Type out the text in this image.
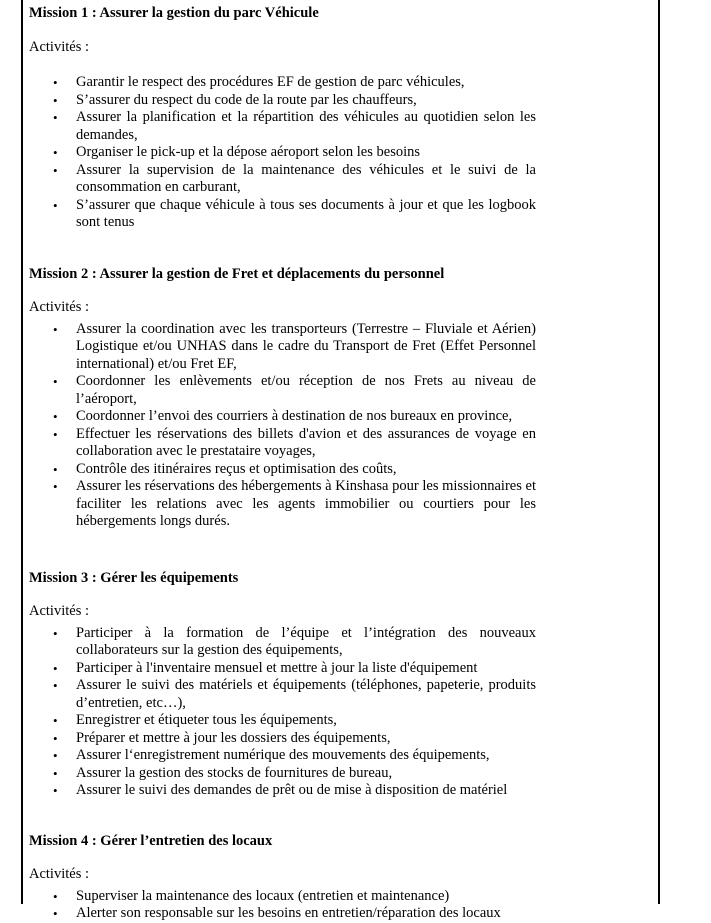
Mission 1 : Assurer la gestion du parc Véhicule

Activités :

• Garantir le respect des procédures EF de gestion de parc véhicules,
• S’assurer du respect du code de la route par les chauffeurs,
• Assurer la planification et la répartition des véhicules au quotidien selon les demandes,
• Organiser le pick-up et la dépose aéroport selon les besoins
• Assurer la supervision de la maintenance des véhicules et le suivi de la consommation en carburant,
• S’assurer que chaque véhicule à tous ses documents à jour et que les logbook sont tenus

Mission 2 : Assurer la gestion de Fret et déplacements du personnel

Activités :

• Assurer la coordination avec les transporteurs (Terrestre – Fluviale et Aérien) Logistique et/ou UNHAS dans le cadre du Transport de Fret (Effet Personnel international) et/ou Fret EF,
• Coordonner les enlèvements et/ou réception de nos Frets au niveau de l’aéroport,
• Coordonner l’envoi des courriers à destination de nos bureaux en province,
• Effectuer les réservations des billets d'avion et des assurances de voyage en collaboration avec le prestataire voyages,
• Contrôle des itinéraires reçus et optimisation des coûts,
• Assurer les réservations des hébergements à Kinshasa pour les missionnaires et faciliter les relations avec les agents immobilier ou courtiers pour les hébergements longs durés.

Mission 3 : Gérer les équipements

Activités :

• Participer à la formation de l’équipe et l’intégration des nouveaux collaborateurs sur la gestion des équipements,
• Participer à l'inventaire mensuel et mettre à jour la liste d'équipement
• Assurer le suivi des matériels et équipements (téléphones, papeterie, produits d’entretien, etc…),
• Enregistrer et étiqueter tous les équipements,
• Préparer et mettre à jour les dossiers des équipements,
• Assurer l‘enregistrement numérique des mouvements des équipements,
• Assurer la gestion des stocks de fournitures de bureau,
• Assurer le suivi des demandes de prêt ou de mise à disposition de matériel

Mission 4 : Gérer l’entretien des locaux

Activités :

• Superviser la maintenance des locaux (entretien et maintenance)
• Alerter son responsable sur les besoins en entretien/réparation des locaux
